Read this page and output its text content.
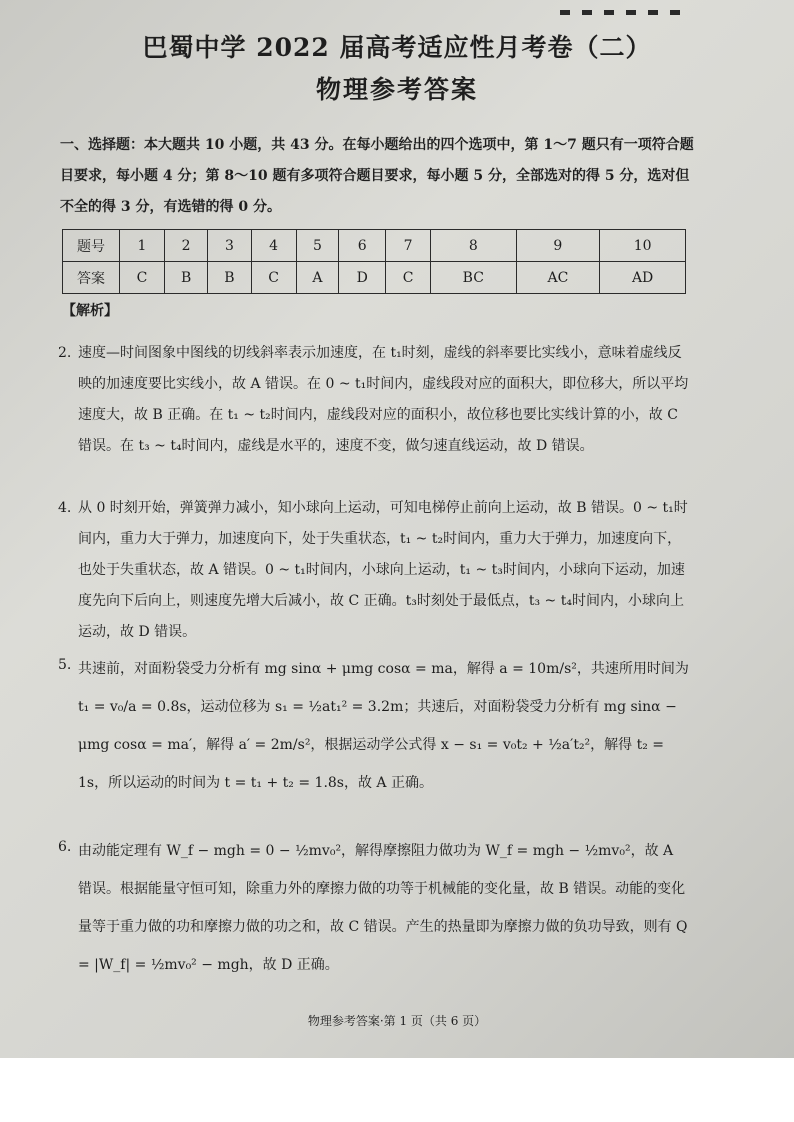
巴蜀中学 2022 届高考适应性月考卷（二）
物理参考答案
一、选择题：本大题共 10 小题，共 43 分。在每小题给出的四个选项中，第 1～7 题只有一项符合题目要求，每小题 4 分；第 8～10 题有多项符合题目要求，每小题 5 分，全部选对的得 5 分，选对但不全的得 3 分，有选错的得 0 分。
题号	1	2	3	4	5	6	7	8	9	10
答案	C	B	B	C	A	D	C	BC	AC	AD
【解析】
2. 速度—时间图象中图线的切线斜率表示加速度，在 t₁时刻，虚线的斜率要比实线小，意味着虚线反映的加速度要比实线小，故 A 错误。在 0 ~ t₁时间内，虚线段对应的面积大，即位移大，所以平均速度大，故 B 正确。在 t₁ ~ t₂时间内，虚线段对应的面积小，故位移也要比实线计算的小，故 C 错误。在 t₃ ~ t₄时间内，虚线是水平的，速度不变，做匀速直线运动，故 D 错误。
4. 从 0 时刻开始，弹簧弹力减小，知小球向上运动，可知电梯停止前向上运动，故 B 错误。0 ~ t₁时间内，重力大于弹力，加速度向下，处于失重状态，t₁ ~ t₂时间内，重力大于弹力，加速度向下，也处于失重状态，故 A 错误。0 ~ t₁时间内，小球向上运动，t₁ ~ t₃时间内，小球向下运动，加速度先向下后向上，则速度先增大后减小，故 C 正确。t₃时刻处于最低点，t₃ ~ t₄时间内，小球向上运动，故 D 错误。
5. 共速前，对面粉袋受力分析有 mg sinα + μmg cosα = ma，解得 a = 10m/s²，共速所用时间为 t₁ = v₀/a = 0.8s，运动位移为 s₁ = ½at₁² = 3.2m；共速后，对面粉袋受力分析有 mg sinα − μmg cosα = ma′，解得 a′ = 2m/s²，根据运动学公式得 x − s₁ = v₀t₂ + ½a′t₂²，解得 t₂ = 1s，所以运动的时间为 t = t₁ + t₂ = 1.8s，故 A 正确。
6. 由动能定理有 W_f − mgh = 0 − ½mv₀²，解得摩擦阻力做功为 W_f = mgh − ½mv₀²，故 A 错误。根据能量守恒可知，除重力外的摩擦力做的功等于机械能的变化量，故 B 错误。动能的变化量等于重力做的功和摩擦力做的功之和，故 C 错误。产生的热量即为摩擦力做的负功导致，则有 Q = |W_f| = ½mv₀² − mgh，故 D 正确。
物理参考答案·第 1 页（共 6 页）
